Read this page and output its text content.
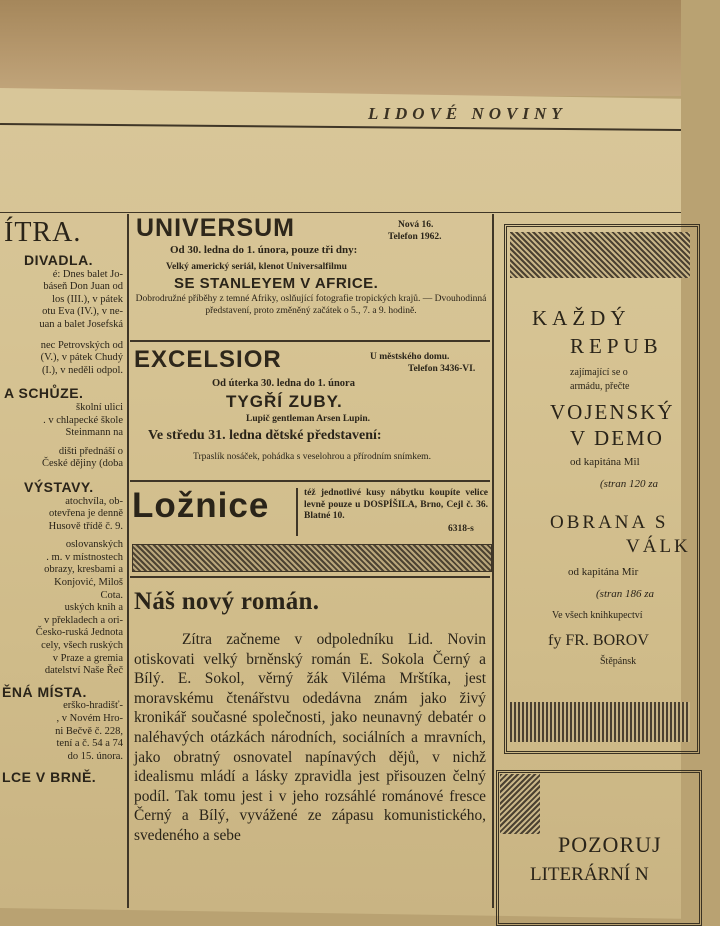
LIDOVÉ NOVINY
ÍTRA.
DIVADLA.

é: Dnes balet Jo-

báseň Don Juan od

los (III.), v pátek

otu Eva (IV.), v ne-

uan a balet Josefská

nec Petrovských od

(V.), v pátek Chudý

(I.), v neděli odpol.

A SCHŮZE.

školní ulici

. v chlapecké škole

Steinmann na

dišti přednáší o

České dějiny (doba

VÝSTAVY.

atochvíla, ob-

otevřena je denně

Husově třídě č. 9.

oslovanských

. m. v místnostech

obrazy, kresbami a

Konjović, Miloš

Cota.

uských knih a

v překladech a ori-

Česko-ruská Jednota

cely, všech ruských

v Praze a gremia

datelství Naše Řeč

ĚNÁ MÍSTA.

erško-hradišť-

, v Novém Hro-

ni Bečvě č. 228,

tení a č. 54 a 74

do 15. února.

LCE V BRNĚ.
UNIVERSUM	Nová 16.
Telefon 1962.
Od 30. ledna do 1. února, pouze tři dny:
Velký americký seriál, klenot Universalfilmu
SE STANLEYEM V AFRICE.
Dobrodružné příběhy z temné Afriky, oslňující fotografie tropických krajů. — Dvouhodinná představení, proto změněný začátek o 5., 7. a 9. hodině.
EXCELSIOR	U městského domu.
Telefon 3436-VI.
Od úterka 30. ledna do 1. února
TYGŘÍ ZUBY.
Lupič gentleman Arsen Lupin.
Ve středu 31. ledna dětské představení:
Trpaslík nosáček, pohádka s veselohrou a přírodním snímkem.
Ložnice	též jednotlivé kusy nábytku koupíte velice levně pouze u DOSPÍŠILA, Brno, Cejl č. 36. Blatné 10.
6318-s
Náš nový román.

Zítra začneme v odpoledníku Lid. Novin otiskovati velký brněnský román E. Sokola Černý a Bílý. E. Sokol, věrný žák Viléma Mrštíka, jest moravskému čtenářstvu odedávna znám jako živý kronikář současné společnosti, jako neunavný debatér o naléhavých otázkách národních, sociálních a mravních, jako obratný osnovatel napínavých dějů, v nichž idealismu mládí a lásky zpravidla jest přisouzen čelný podíl. Tak tomu jest i v jeho rozsáhlé románové fresce Černý a Bílý, vyvážené ze zápasu komunistického, svedeného a sebe

KAŽDÝ
REPUB
zajímající se o
armádu, přečte
VOJENSKÝ
V DEMO
od kapitána Mil
(stran 120 za
OBRANA S
VÁLK
od kapitána Mir
(stran 186 za
Ve všech knihkupectví
fy FR. BOROV
Štěpánsk
POZORUJ
LITERÁRNÍ N
